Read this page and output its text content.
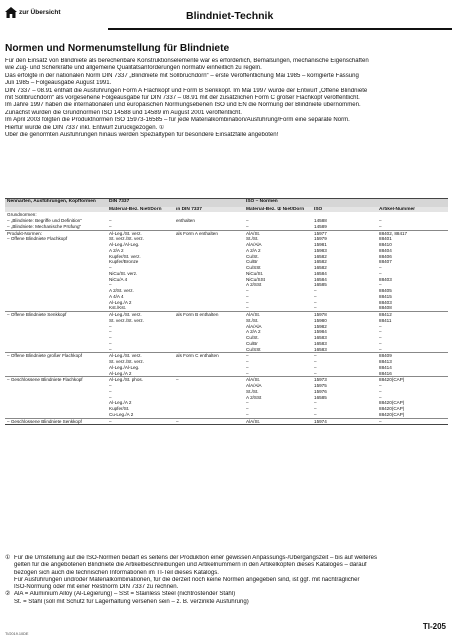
zur Übersicht	Blindniet-Technik
Normen und Normenumstellung für Blindniete

Für den Einsatz von Blindniete als berechenbare Konstruktionselemente war es erforderlich, Bemaßungen, mechanische Eigenschaften

wie Zug- und Scherkräfte und allgemeine Qualitätsanforderungen normativ einheitlich zu regeln.

Das erfolgte in der nationalen Norm DIN 7337 „Blindniete mit Sollbruchdorn“ – erste Veröffentlichung Mai 1985 – korrigierte Fassung

Juli 1985 – Folgeausgabe August 1991.

DIN 7337 – 08.91 enthält die Ausführungen Form A Flachkopf und Form B Senkkopf. Im Mai 1997 wurde der Entwurf „Offene Blindniete

mit Sollbruchdorn“ als vorgesehene Folgeausgabe für DIN 7337 – 08.91 mit der zusätzlichen Form C großer Flachkopf veröffentlicht.

Im Jahre 1997 haben die internationalen und europäischen Normungsebenen ISO und EN die Normung der Blindniete übernommen.

Zunächst wurden die Grundnormen ISO 14588 und 14589 im August 2001 veröffentlicht.

Im April 2003 folgten die Produktnormen ISO 15973-16585 – für jede Materialkombination/Ausführung/Form eine separate Norm.

Hierfür wurde die DIN 7337 inkl. Entwurf zurückgezogen. ①

Über die genormten Ausführungen hinaus werden Spezialtypen für besondere Einsatzfälle angeboten!

Nennarten, Ausführungen, Kopfformen	DIN 7337		ISO – Normen		

	Material-Bez. Niet/Dorn	in DIN 7337	Material-Bez. ② Niet/Dorn	ISO	Artikel-Nummer

Grundnormen:					
– „Blindniete: Begriffe und Definition“	–	enthalten	–	14588	–
– „Blindniete: Mechanische Prüfung“	–		–	14589	–
Produkt-Normen:	Al-Leg./St. verz.	als Form A enthalten	AlA/St.	15977	88402, 88417
– Offene Blindniete Flachkopf	St. verz./St. verz.		St./St.	15979	88401
	Al-Leg./Al-Leg.		AlA/AlA	15981	88410
	A 2/A 2		A 2/A 2	15983	88404
	Kupfer/St. verz.		Cu/St.	16582	88406
	Kupfer/Bronze		Cu/Br	16582	88407
	–		Cu/SSt	16582	–
	NiCu/St. verz.		NiCu/St.	16584	–
	NiCu/A 4		NiCu/SSt	16584	88403
	–		A 2/SSt	16585	–
	A 2/St. verz.		–	–	88405
	A 4/A 4		–	–	88415
	Al-Leg./A 2		–	–	88403
	Kst./Kst.		–	–	88408
– Offene Blindniete Senkkopf	Al-Leg./St. verz.	als Form B enthalten	AlA/St.	15978	88412
	St. verz./St. verz.		St./St.	15980	88411
	–		AlA/AlA	15982	–
	–		A 2/A 2	15984	–
	–		Cu/St.	16583	–
	–		Cu/Br	16583	–
	–		Cu/SSt	16583	–
– Offene Blindniete großer Flachkopf	Al-Leg./St. verz.	als Form C enthalten	–	–	88409
	St. verz./St. verz.		–	–	88413
	Al-Leg./Al-Leg.		–	–	88414
	Al-Leg./A 2		–	–	88416
– Geschlossene Blindniete Flachkopf	Al-Leg./St. phos.	–	AlA/St.	15973	88420(CAP)
	–		AlA/AlA	15975	–
	–		St./St.	15976	–
	–		A 2/SSt	16585	–
	Al-Leg./A 2		–	–	88420(CAP)
	Kupfer/St.		–	–	88420(CAP)
	Cu-Leg./A 2		–	–	88420(CAP)
– Geschlossene Blindniete Senkkopf	–	–	AlA/St.	15974	–
① Für die Umstellung auf die ISO-Normen bedarf es seitens der Produktion einer gewissen Anpassungs-/Übergangszeit – bis auf weiteres
gelten für die angebotenen Blindniete die Artikelbeschreibungen und Artikelnummern in den Artikelköpfen dieses Kataloges – darauf
bezogen sich auch die technischen Informationen im TI-Teil dieses Katalogs.
Für Ausführungen und/oder Materialkombinationen, für die derzeit noch keine Normen angegeben sind, ist ggf. mit nachträglicher
ISO-Normung oder mit einer Restnorm DIN 7337 zu rechnen.
② AlA = Aluminium Alloy (Al-Legierung) – SSt = Stainless Steel (nichtrostender Stahl)
St. = Stahl (soll mit Schutz für Lagerhaltung versehen sein – z. B. verzinkte Ausführung)
TI/2019.10DE
TI-205
